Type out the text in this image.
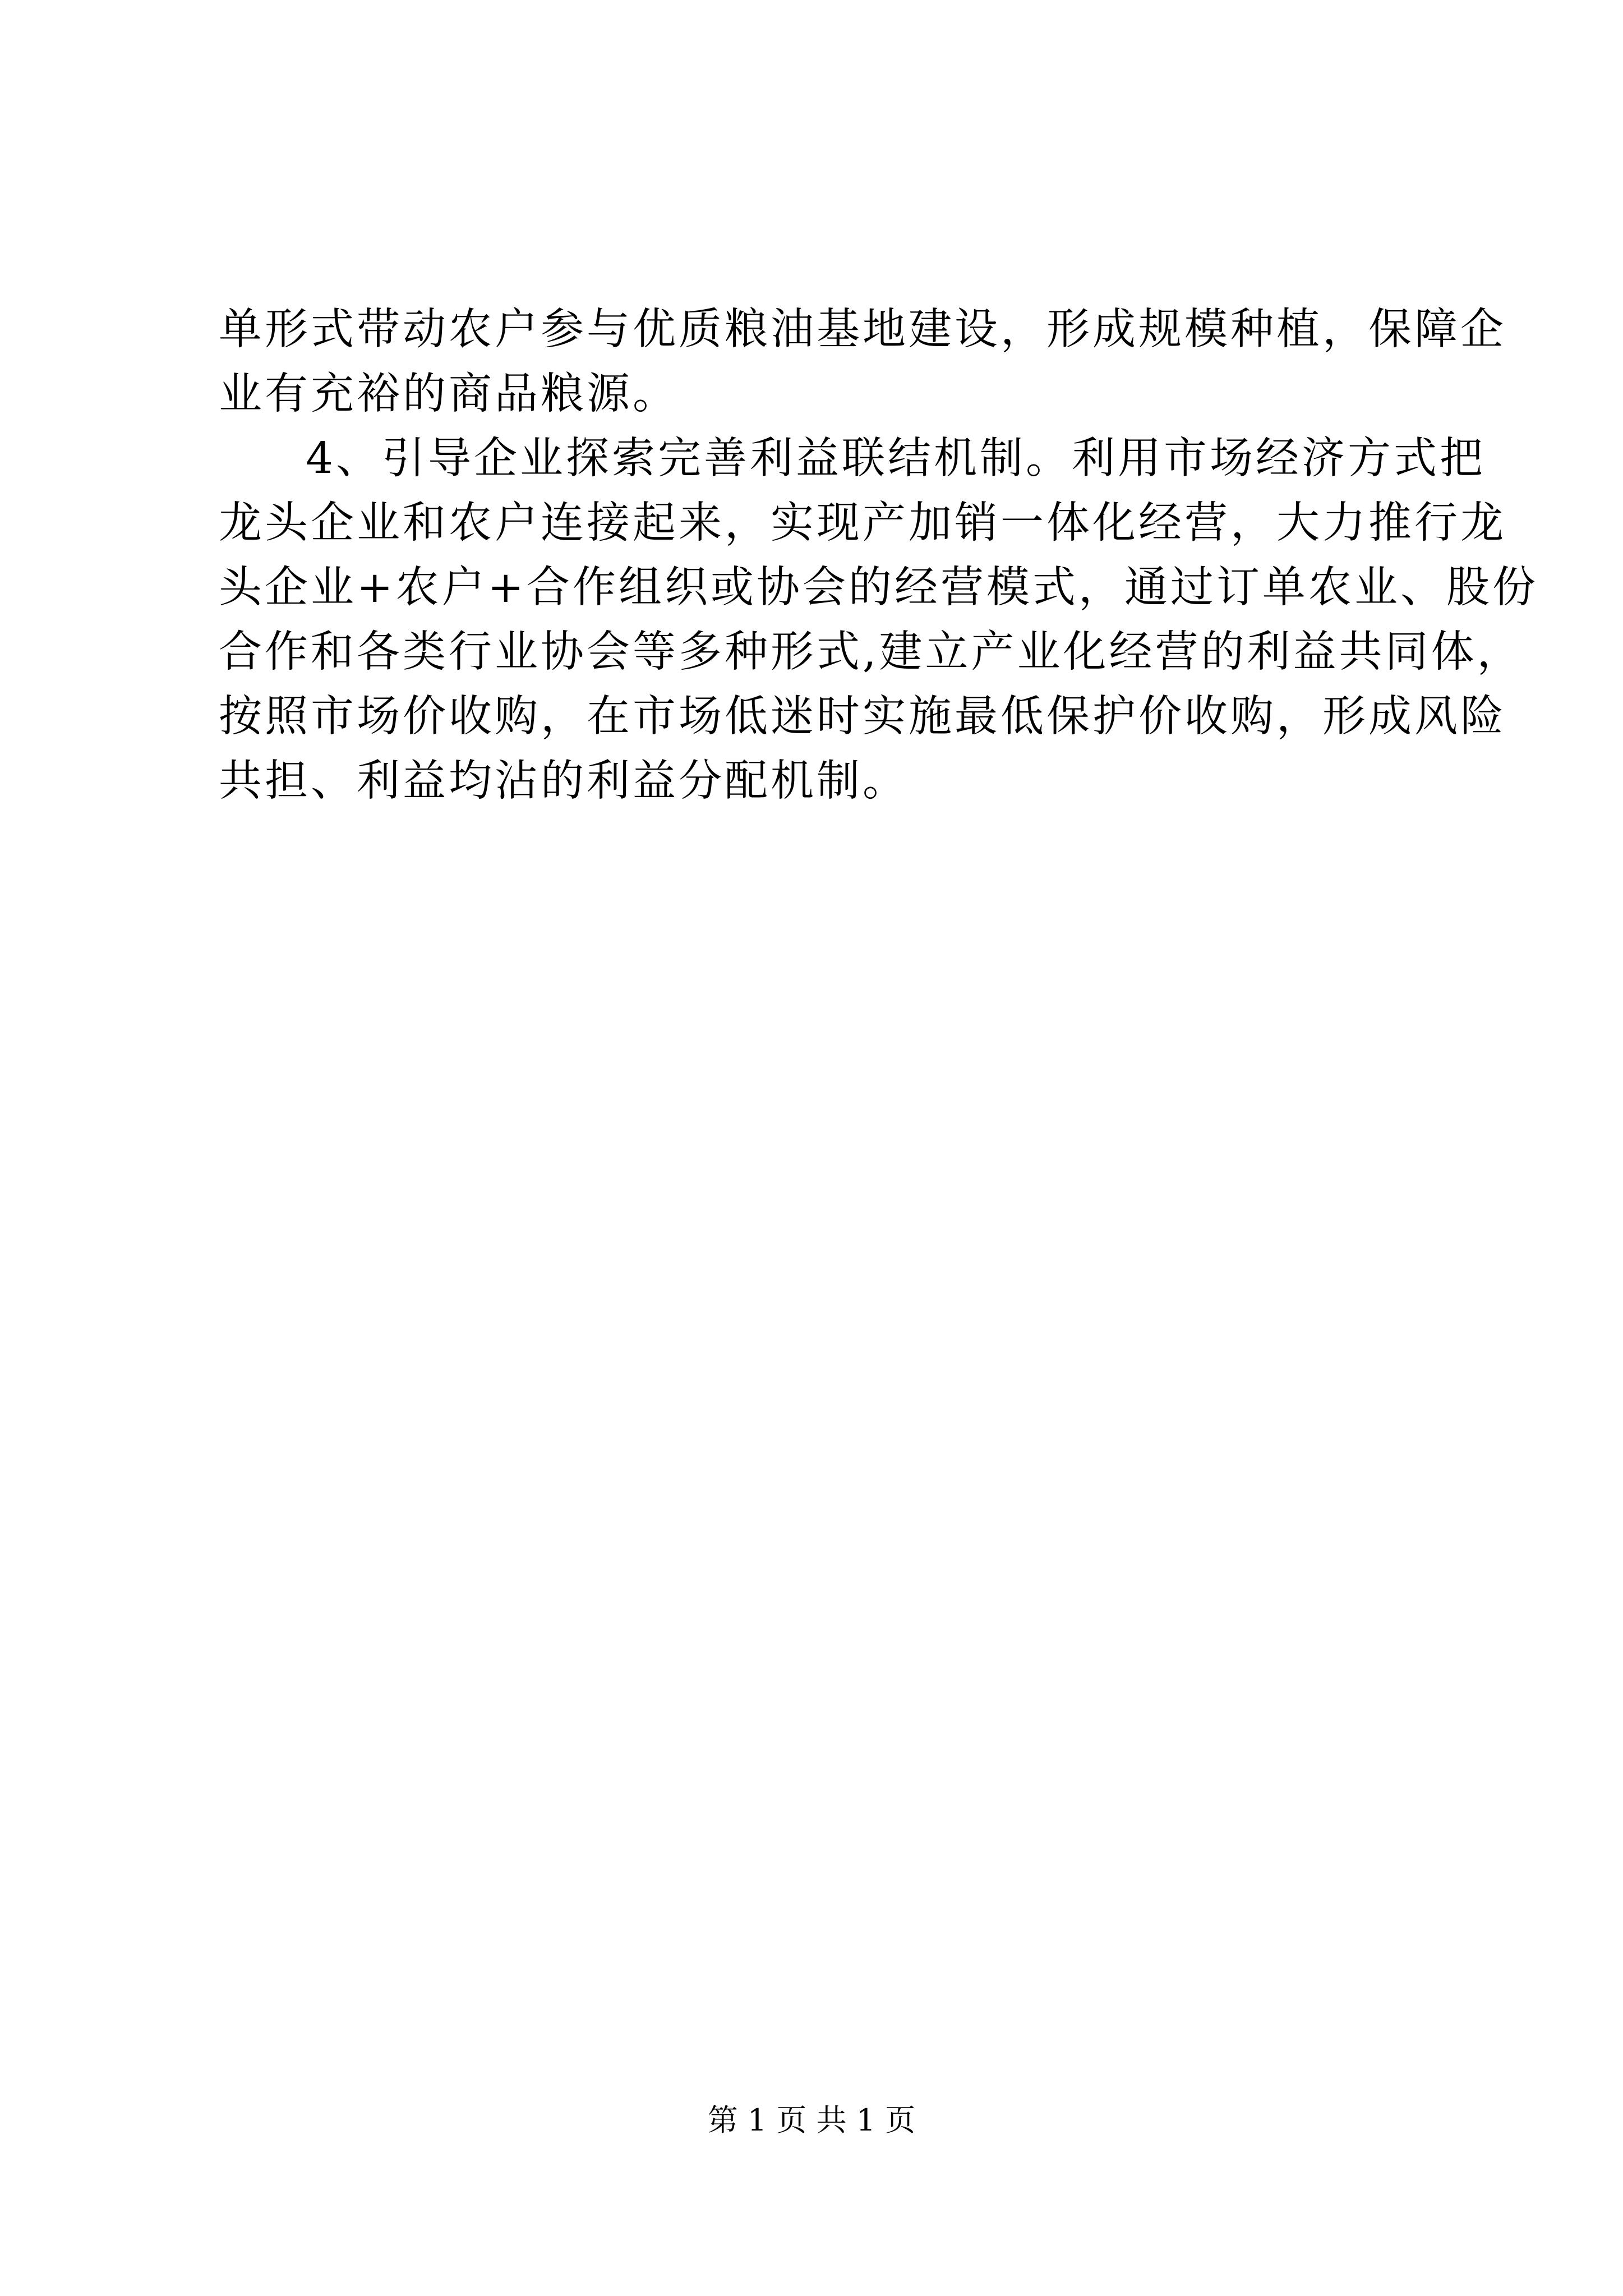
单形式带动农户参与优质粮油基地建设，形成规模种植，保障企
业有充裕的商品粮源。
4、引导企业探索完善利益联结机制。利用市场经济方式把
龙头企业和农户连接起来，实现产加销一体化经营，大力推行龙
头企业+农户+合作组织或协会的经营模式，通过订单农业、股份
合作和各类行业协会等多种形式,建立产业化经营的利益共同体，
按照市场价收购，在市场低迷时实施最低保护价收购，形成风险
共担、利益均沾的利益分配机制。
第 1 页 共 1 页
